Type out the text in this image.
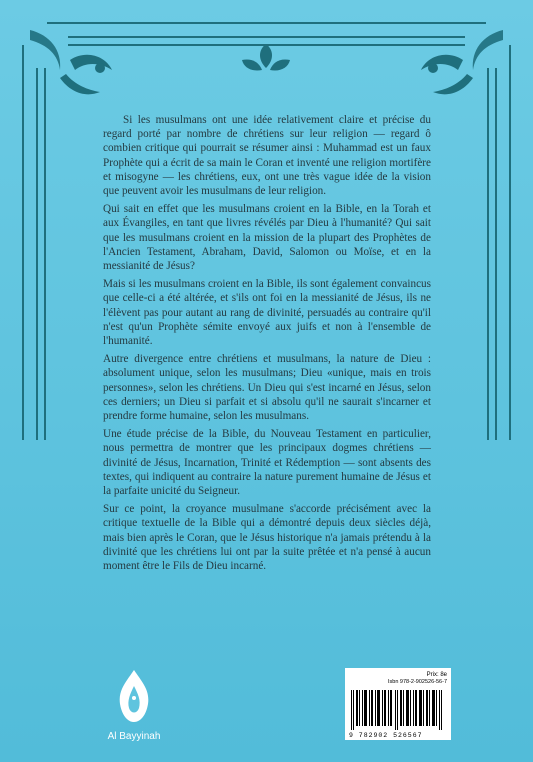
Si les musulmans ont une idée relativement claire et précise du regard porté par nombre de chrétiens sur leur religion — regard ô combien critique qui pourrait se résumer ainsi : Muhammad est un faux Prophète qui a écrit de sa main le Coran et inventé une religion mortifère et misogyne — les chrétiens, eux, ont une très vague idée de la vision que peuvent avoir les musulmans de leur religion.

Qui sait en effet que les musulmans croient en la Bible, en la Torah et aux Évangiles, en tant que livres révélés par Dieu à l'humanité? Qui sait que les musulmans croient en la mission de la plupart des Prophètes de l'Ancien Testament, Abraham, David, Salomon ou Moïse, et en la messianité de Jésus?

Mais si les musulmans croient en la Bible, ils sont également convaincus que celle-ci a été altérée, et s'ils ont foi en la messianité de Jésus, ils ne l'élèvent pas pour autant au rang de divinité, persuadés au contraire qu'il n'est qu'un Prophète sémite envoyé aux juifs et non à l'ensemble de l'humanité.

Autre divergence entre chrétiens et musulmans, la nature de Dieu : absolument unique, selon les musulmans; Dieu «unique, mais en trois personnes», selon les chrétiens. Un Dieu qui s'est incarné en Jésus, selon ces derniers; un Dieu si parfait et si absolu qu'il ne saurait s'incarner et prendre forme humaine, selon les musulmans.

Une étude précise de la Bible, du Nouveau Testament en particulier, nous permettra de montrer que les principaux dogmes chrétiens — divinité de Jésus, Incarnation, Trinité et Rédemption — sont absents des textes, qui indiquent au contraire la nature purement humaine de Jésus et la parfaite unicité du Seigneur.

Sur ce point, la croyance musulmane s'accorde précisément avec la critique textuelle de la Bible qui a démontré depuis deux siècles déjà, mais bien après le Coran, que le Jésus historique n'a jamais prétendu à la divinité que les chrétiens lui ont par la suite prêtée et n'a pensé à aucun moment être le Fils de Dieu incarné.

Al Bayyinah
Prix: 8e
Isbn 978-2-902526-56-7
9 782902 526567
